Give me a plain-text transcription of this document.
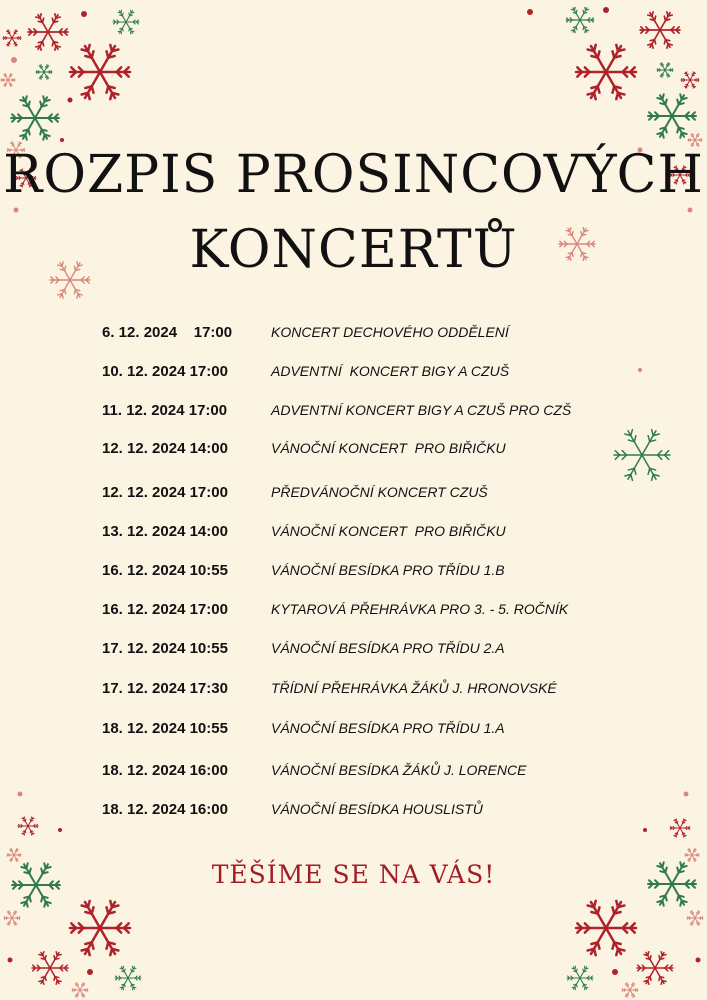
ROZPIS PROSINCOVÝCH
KONCERTŮ
6. 12. 2024    17:00	KONCERT DECHOVÉHO ODDĚLENÍ
10. 12. 2024 17:00	ADVENTNÍ  KONCERT BIGY A CZUŠ
11. 12. 2024 17:00	ADVENTNÍ KONCERT BIGY A CZUŠ PRO CZŠ
12. 12. 2024 14:00	VÁNOČNÍ KONCERT  PRO BIŘIČKU
12. 12. 2024 17:00	PŘEDVÁNOČNÍ KONCERT CZUŠ
13. 12. 2024 14:00	VÁNOČNÍ KONCERT  PRO BIŘIČKU
16. 12. 2024 10:55	VÁNOČNÍ BESÍDKA PRO TŘÍDU 1.B
16. 12. 2024 17:00	KYTAROVÁ PŘEHRÁVKA PRO 3. - 5. ROČNÍK
17. 12. 2024 10:55	VÁNOČNÍ BESÍDKA PRO TŘÍDU 2.A
17. 12. 2024 17:30	TŘÍDNÍ PŘEHRÁVKA ŽÁKŮ J. HRONOVSKÉ
18. 12. 2024 10:55	VÁNOČNÍ BESÍDKA PRO TŘÍDU 1.A
18. 12. 2024 16:00	VÁNOČNÍ BESÍDKA ŽÁKŮ J. LORENCE
18. 12. 2024 16:00	VÁNOČNÍ BESÍDKA HOUSLISTŮ
TĚŠÍME SE NA VÁS!
